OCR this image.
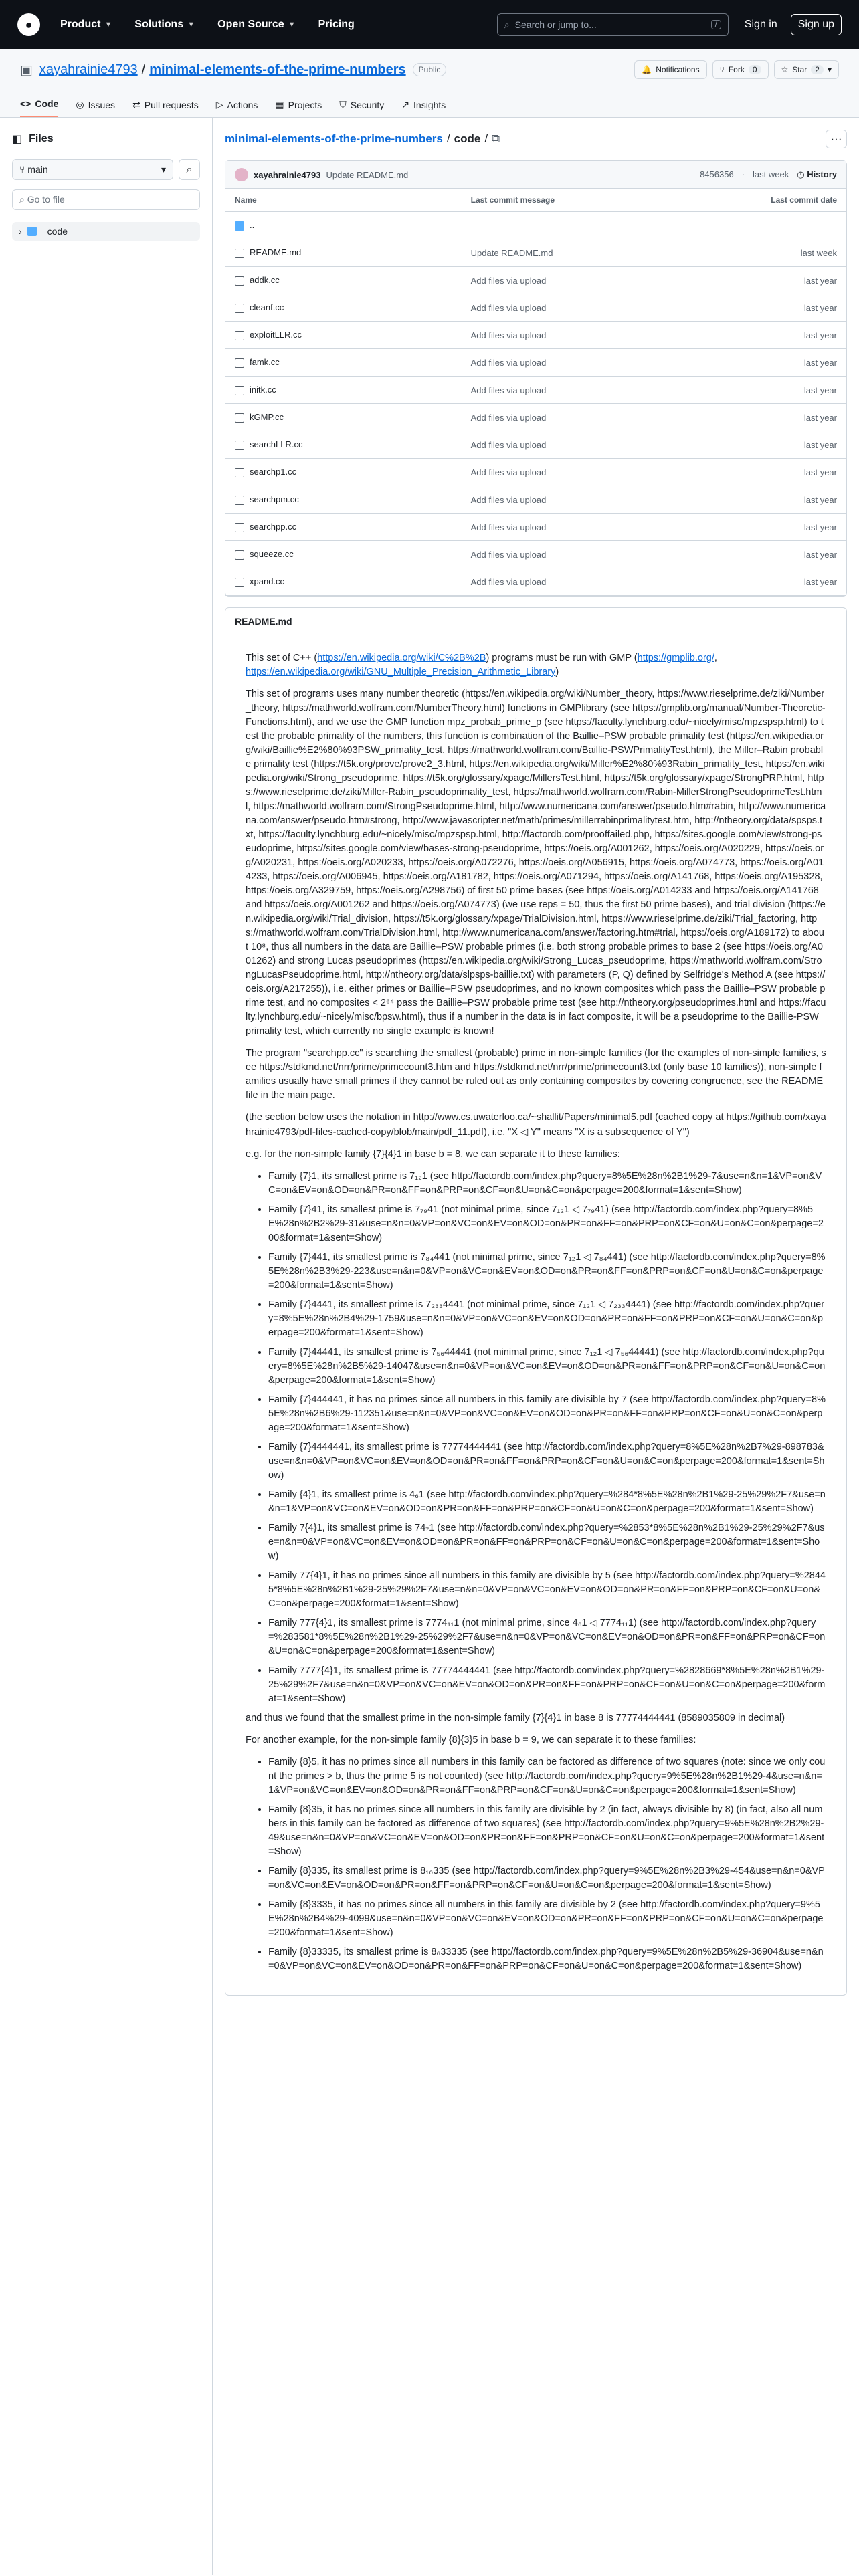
●	Product ▼ Solutions ▼ Open Source ▼ Pricing	⌕ Search or jump to...	/	Sign in	Sign up
▣ xayahrainie4793 / minimal-elements-of-the-prime-numbers	Public	🔔 Notifications	⑂ Fork	0	☆ Star	2	▾
<> Code ◎ Issues ⇄ Pull requests ▷ Actions ▦ Projects ⛉ Security ↗ Insights
◧ Files
⑂ main	▾ ⌕
⌕ Go to file
›	code
minimal-elements-of-the-prime-numbers / code / ⧉	···
xayahrainie4793 Update README.md	8456356 · last week ◷ History
Name	Last commit message	Last commit date
..		
README.md	Update README.md	last week
addk.cc	Add files via upload	last year
cleanf.cc	Add files via upload	last year
exploitLLR.cc	Add files via upload	last year
famk.cc	Add files via upload	last year
initk.cc	Add files via upload	last year
kGMP.cc	Add files via upload	last year
searchLLR.cc	Add files via upload	last year
searchp1.cc	Add files via upload	last year
searchpm.cc	Add files via upload	last year
searchpp.cc	Add files via upload	last year
squeeze.cc	Add files via upload	last year
xpand.cc	Add files via upload	last year
README.md

This set of C++ (https://en.wikipedia.org/wiki/C%2B%2B) programs must be run with GMP (https://gmplib.org/, https://en.wikipedia.org/wiki/GNU_Multiple_Precision_Arithmetic_Library)

This set of programs uses many number theoretic (https://en.wikipedia.org/wiki/Number_theory, https://www.rieselprime.de/ziki/Number_theory, https://mathworld.wolfram.com/NumberTheory.html) functions in GMPlibrary (see https://gmplib.org/manual/Number-Theoretic-Functions.html), and we use the GMP function mpz_probab_prime_p (see https://faculty.lynchburg.edu/~nicely/misc/mpzspsp.html) to test the probable primality of the numbers, this function is combination of the Baillie–PSW probable primality test (https://en.wikipedia.org/wiki/Baillie%E2%80%93PSW_primality_test, https://mathworld.wolfram.com/Baillie-PSWPrimalityTest.html), the Miller–Rabin probable primality test (https://t5k.org/prove/prove2_3.html, https://en.wikipedia.org/wiki/Miller%E2%80%93Rabin_primality_test, https://en.wikipedia.org/wiki/Strong_pseudoprime, https://t5k.org/glossary/xpage/MillersTest.html, https://t5k.org/glossary/xpage/StrongPRP.html, https://www.rieselprime.de/ziki/Miller-Rabin_pseudoprimality_test, https://mathworld.wolfram.com/Rabin-MillerStrongPseudoprimeTest.html, https://mathworld.wolfram.com/StrongPseudoprime.html, http://www.numericana.com/answer/pseudo.htm#rabin, http://www.numericana.com/answer/pseudo.htm#strong, http://www.javascripter.net/math/primes/millerrabinprimalitytest.htm, http://ntheory.org/data/spsps.txt, https://faculty.lynchburg.edu/~nicely/misc/mpzspsp.html, http://factordb.com/prooffailed.php, https://sites.google.com/view/strong-pseudoprime, https://sites.google.com/view/bases-strong-pseudoprime, https://oeis.org/A001262, https://oeis.org/A020229, https://oeis.org/A020231, https://oeis.org/A020233, https://oeis.org/A072276, https://oeis.org/A056915, https://oeis.org/A074773, https://oeis.org/A014233, https://oeis.org/A006945, https://oeis.org/A181782, https://oeis.org/A071294, https://oeis.org/A141768, https://oeis.org/A195328, https://oeis.org/A329759, https://oeis.org/A298756) of first 50 prime bases (see https://oeis.org/A014233 and https://oeis.org/A141768 and https://oeis.org/A001262 and https://oeis.org/A074773) (we use reps = 50, thus the first 50 prime bases), and trial division (https://en.wikipedia.org/wiki/Trial_division, https://t5k.org/glossary/xpage/TrialDivision.html, https://www.rieselprime.de/ziki/Trial_factoring, https://mathworld.wolfram.com/TrialDivision.html, http://www.numericana.com/answer/factoring.htm#trial, https://oeis.org/A189172) to about 10⁸, thus all numbers in the data are Baillie–PSW probable primes (i.e. both strong probable primes to base 2 (see https://oeis.org/A001262) and strong Lucas pseudoprimes (https://en.wikipedia.org/wiki/Strong_Lucas_pseudoprime, https://mathworld.wolfram.com/StrongLucasPseudoprime.html, http://ntheory.org/data/slpsps-baillie.txt) with parameters (P, Q) defined by Selfridge's Method A (see https://oeis.org/A217255)), i.e. either primes or Baillie–PSW pseudoprimes, and no known composites which pass the Baillie–PSW probable prime test, and no composites < 2⁶⁴ pass the Baillie–PSW probable prime test (see http://ntheory.org/pseudoprimes.html and https://faculty.lynchburg.edu/~nicely/misc/bpsw.html), thus if a number in the data is in fact composite, it will be a pseudoprime to the Baillie-PSW primality test, which currently no single example is known!

The program "searchpp.cc" is searching the smallest (probable) prime in non-simple families (for the examples of non-simple families, see https://stdkmd.net/nrr/prime/primecount3.htm and https://stdkmd.net/nrr/prime/primecount3.txt (only base 10 families)), non-simple families usually have small primes if they cannot be ruled out as only containing composites by covering congruence, see the README file in the main page.

(the section below uses the notation in http://www.cs.uwaterloo.ca/~shallit/Papers/minimal5.pdf (cached copy at https://github.com/xayahrainie4793/pdf-files-cached-copy/blob/main/pdf_11.pdf), i.e. "X ◁ Y" means "X is a subsequence of Y")

e.g. for the non-simple family {7}{4}1 in base b = 8, we can separate it to these families:

• Family {7}1, its smallest prime is 7₁₂1 (see http://factordb.com/index.php?query=8%5E%28n%2B1%29-7&use=n&n=1&VP=on&VC=on&EV=on&OD=on&PR=on&FF=on&PRP=on&CF=on&U=on&C=on&perpage=200&format=1&sent=Show)
• Family {7}41, its smallest prime is 7₇₉41 (not minimal prime, since 7₁₂1 ◁ 7₇₉41) (see http://factordb.com/index.php?query=8%5E%28n%2B2%29-31&use=n&n=0&VP=on&VC=on&EV=on&OD=on&PR=on&FF=on&PRP=on&CF=on&U=on&C=on&perpage=200&format=1&sent=Show)
• Family {7}441, its smallest prime is 7₈₄441 (not minimal prime, since 7₁₂1 ◁ 7₈₄441) (see http://factordb.com/index.php?query=8%5E%28n%2B3%29-223&use=n&n=0&VP=on&VC=on&EV=on&OD=on&PR=on&FF=on&PRP=on&CF=on&U=on&C=on&perpage=200&format=1&sent=Show)
• Family {7}4441, its smallest prime is 7₂₃₃4441 (not minimal prime, since 7₁₂1 ◁ 7₂₃₃4441) (see http://factordb.com/index.php?query=8%5E%28n%2B4%29-1759&use=n&n=0&VP=on&VC=on&EV=on&OD=on&PR=on&FF=on&PRP=on&CF=on&U=on&C=on&perpage=200&format=1&sent=Show)
• Family {7}44441, its smallest prime is 7₅₆44441 (not minimal prime, since 7₁₂1 ◁ 7₅₆44441) (see http://factordb.com/index.php?query=8%5E%28n%2B5%29-14047&use=n&n=0&VP=on&VC=on&EV=on&OD=on&PR=on&FF=on&PRP=on&CF=on&U=on&C=on&perpage=200&format=1&sent=Show)
• Family {7}444441, it has no primes since all numbers in this family are divisible by 7 (see http://factordb.com/index.php?query=8%5E%28n%2B6%29-112351&use=n&n=0&VP=on&VC=on&EV=on&OD=on&PR=on&FF=on&PRP=on&CF=on&U=on&C=on&perpage=200&format=1&sent=Show)
• Family {7}4444441, its smallest prime is 77774444441 (see http://factordb.com/index.php?query=8%5E%28n%2B7%29-898783&use=n&n=0&VP=on&VC=on&EV=on&OD=on&PR=on&FF=on&PRP=on&CF=on&U=on&C=on&perpage=200&format=1&sent=Show)
• Family {4}1, its smallest prime is 4₆1 (see http://factordb.com/index.php?query=%284*8%5E%28n%2B1%29-25%29%2F7&use=n&n=1&VP=on&VC=on&EV=on&OD=on&PR=on&FF=on&PRP=on&CF=on&U=on&C=on&perpage=200&format=1&sent=Show)
• Family 7{4}1, its smallest prime is 74₇1 (see http://factordb.com/index.php?query=%2853*8%5E%28n%2B1%29-25%29%2F7&use=n&n=0&VP=on&VC=on&EV=on&OD=on&PR=on&FF=on&PRP=on&CF=on&U=on&C=on&perpage=200&format=1&sent=Show)
• Family 77{4}1, it has no primes since all numbers in this family are divisible by 5 (see http://factordb.com/index.php?query=%28445*8%5E%28n%2B1%29-25%29%2F7&use=n&n=0&VP=on&VC=on&EV=on&OD=on&PR=on&FF=on&PRP=on&CF=on&U=on&C=on&perpage=200&format=1&sent=Show)
• Family 777{4}1, its smallest prime is 7774₁₁1 (not minimal prime, since 4₆1 ◁ 7774₁₁1) (see http://factordb.com/index.php?query=%283581*8%5E%28n%2B1%29-25%29%2F7&use=n&n=0&VP=on&VC=on&EV=on&OD=on&PR=on&FF=on&PRP=on&CF=on&U=on&C=on&perpage=200&format=1&sent=Show)
• Family 7777{4}1, its smallest prime is 77774444441 (see http://factordb.com/index.php?query=%2828669*8%5E%28n%2B1%29-25%29%2F7&use=n&n=0&VP=on&VC=on&EV=on&OD=on&PR=on&FF=on&PRP=on&CF=on&U=on&C=on&perpage=200&format=1&sent=Show)

and thus we found that the smallest prime in the non-simple family {7}{4}1 in base 8 is 77774444441 (8589035809 in decimal)

For another example, for the non-simple family {8}{3}5 in base b = 9, we can separate it to these families:

• Family {8}5, it has no primes since all numbers in this family can be factored as difference of two squares (note: since we only count the primes > b, thus the prime 5 is not counted) (see http://factordb.com/index.php?query=9%5E%28n%2B1%29-4&use=n&n=1&VP=on&VC=on&EV=on&OD=on&PR=on&FF=on&PRP=on&CF=on&U=on&C=on&perpage=200&format=1&sent=Show)
• Family {8}35, it has no primes since all numbers in this family are divisible by 2 (in fact, always divisible by 8) (in fact, also all numbers in this family can be factored as difference of two squares) (see http://factordb.com/index.php?query=9%5E%28n%2B2%29-49&use=n&n=0&VP=on&VC=on&EV=on&OD=on&PR=on&FF=on&PRP=on&CF=on&U=on&C=on&perpage=200&format=1&sent=Show)
• Family {8}335, its smallest prime is 8₁₀335 (see http://factordb.com/index.php?query=9%5E%28n%2B3%29-454&use=n&n=0&VP=on&VC=on&EV=on&OD=on&PR=on&FF=on&PRP=on&CF=on&U=on&C=on&perpage=200&format=1&sent=Show)
• Family {8}3335, it has no primes since all numbers in this family are divisible by 2 (see http://factordb.com/index.php?query=9%5E%28n%2B4%29-4099&use=n&n=0&VP=on&VC=on&EV=on&OD=on&PR=on&FF=on&PRP=on&CF=on&U=on&C=on&perpage=200&format=1&sent=Show)
• Family {8}33335, its smallest prime is 8₆33335 (see http://factordb.com/index.php?query=9%5E%28n%2B5%29-36904&use=n&n=0&VP=on&VC=on&EV=on&OD=on&PR=on&FF=on&PRP=on&CF=on&U=on&C=on&perpage=200&format=1&sent=Show)
